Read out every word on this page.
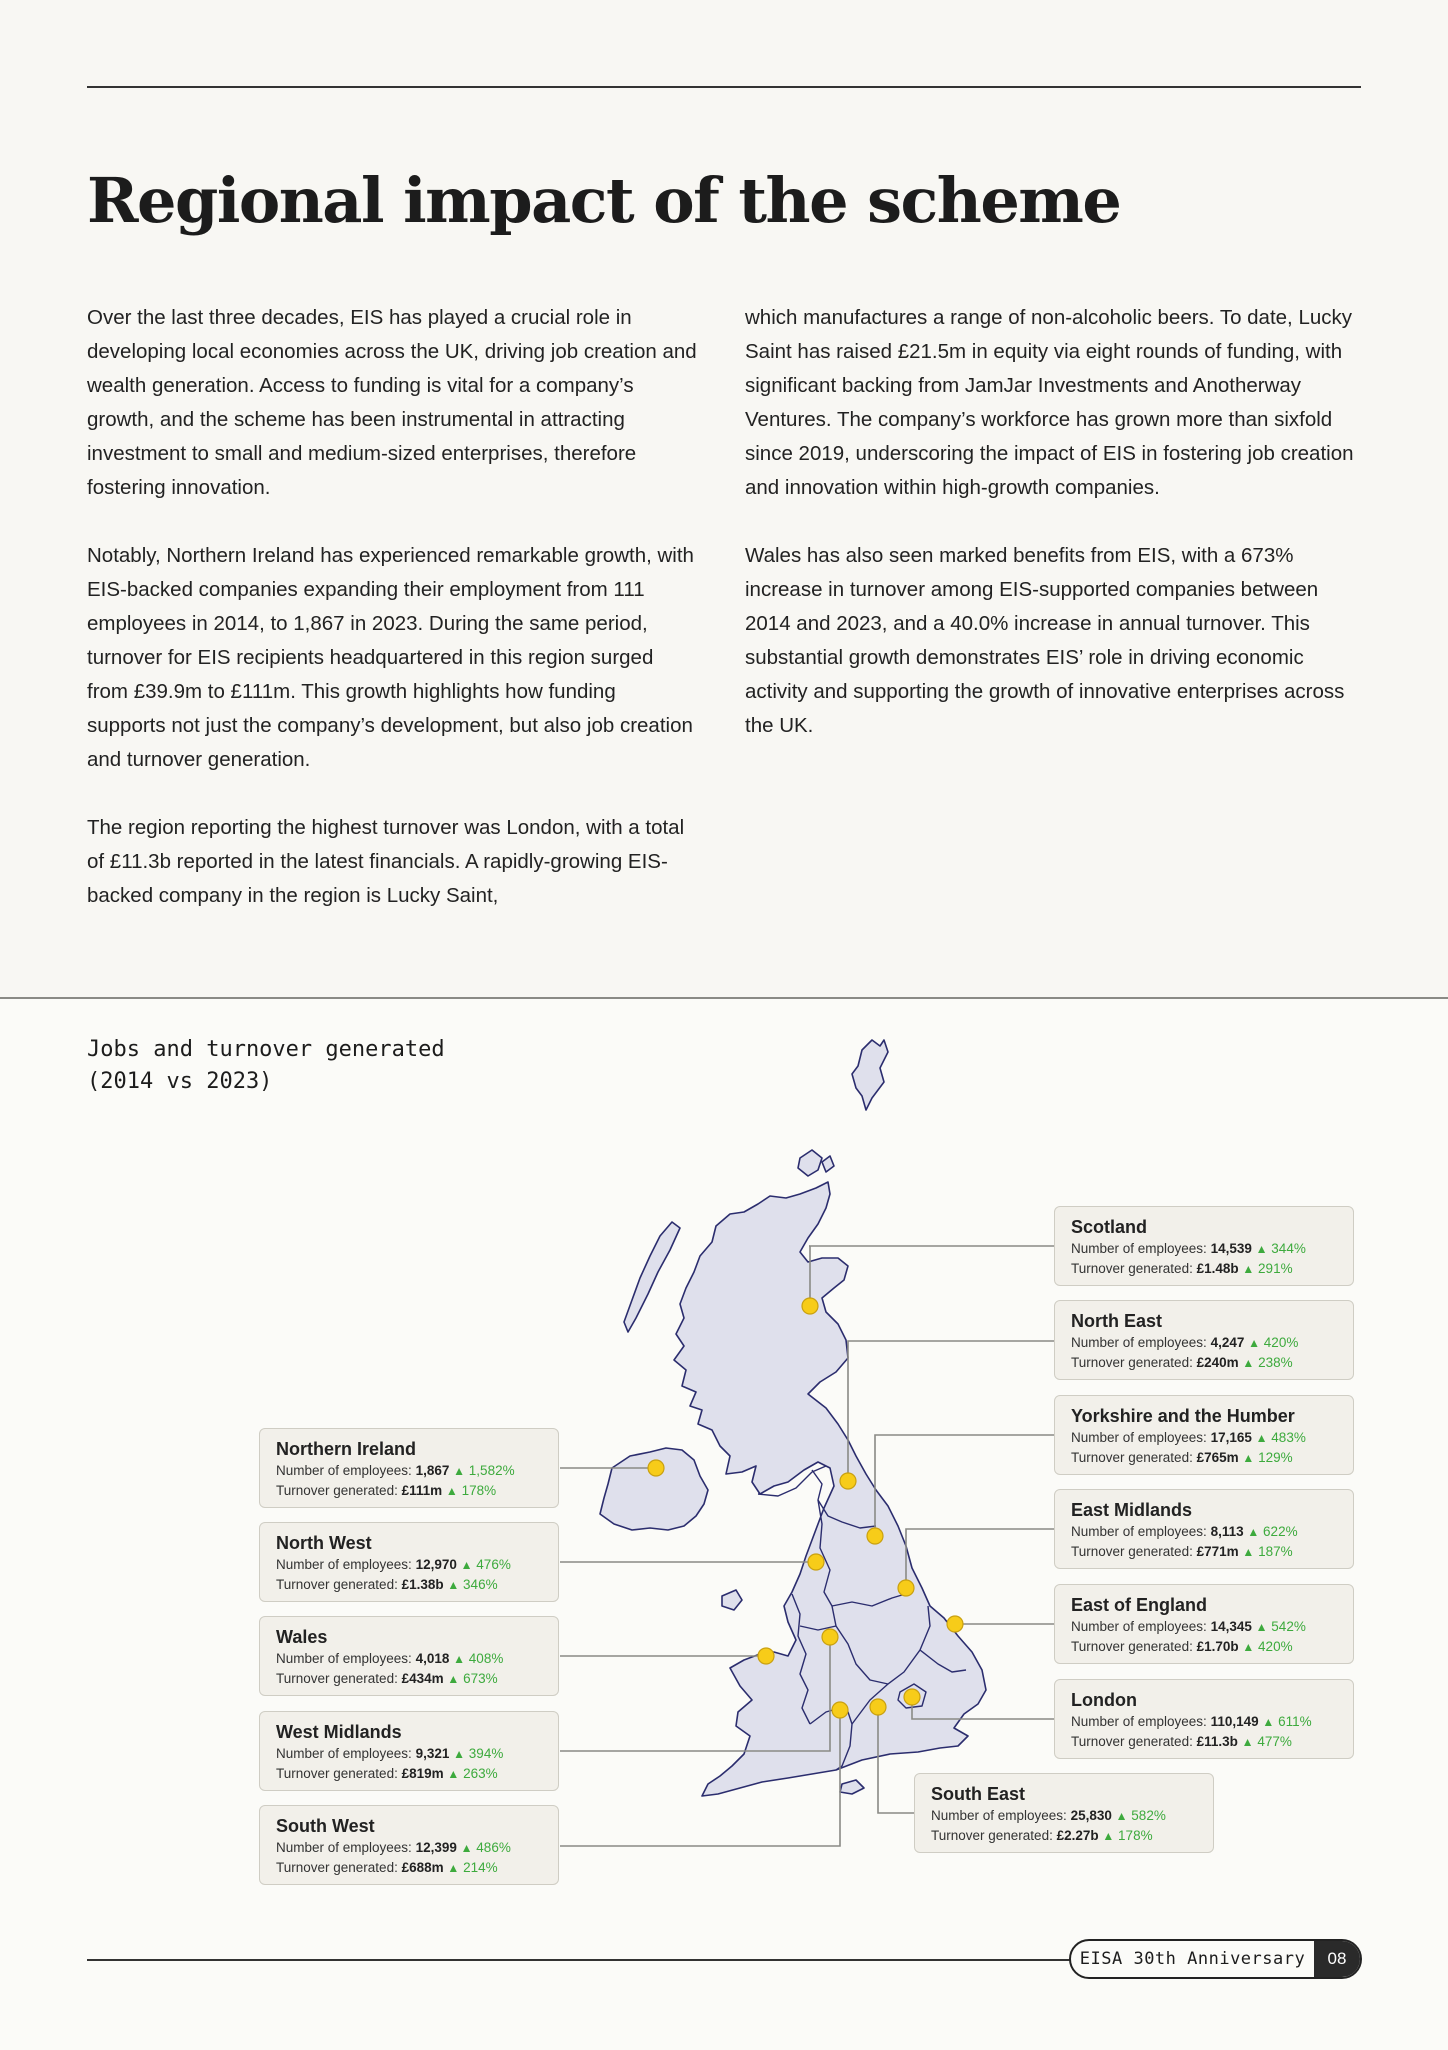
Regional impact of the scheme

Over the last three decades, EIS has played a crucial role in developing local economies across the UK, driving job creation and wealth generation. Access to funding is vital for a company’s growth, and the scheme has been instrumental in attracting investment to small and medium-sized enterprises, therefore fostering innovation.

Notably, Northern Ireland has experienced remarkable growth, with EIS-backed companies expanding their employment from 111 employees in 2014, to 1,867 in 2023. During the same period, turnover for EIS recipients headquartered in this region surged from £39.9m to £111m. This growth highlights how funding supports not just the company’s development, but also job creation and turnover generation.

The region reporting the highest turnover was London, with a total of £11.3b reported in the latest financials. A rapidly-growing EIS-backed company in the region is Lucky Saint,

which manufactures a range of non-alcoholic beers. To date, Lucky Saint has raised £21.5m in equity via eight rounds of funding, with significant backing from JamJar Investments and Anotherway Ventures. The company’s workforce has grown more than sixfold since 2019, underscoring the impact of EIS in fostering job creation and innovation within high-growth companies.

Wales has also seen marked benefits from EIS, with a 673% increase in turnover among EIS-supported companies between 2014 and 2023, and a 40.0% increase in annual turnover. This substantial growth demonstrates EIS’ role in driving economic activity and supporting the growth of innovative enterprises across the UK.

Jobs and turnover generated
(2014 vs 2023)
Scotland
Number of employees: 14,539 ▲ 344%
Turnover generated: £1.48b ▲ 291%
North East
Number of employees: 4,247 ▲ 420%
Turnover generated: £240m ▲ 238%
Yorkshire and the Humber
Number of employees: 17,165 ▲ 483%
Turnover generated: £765m ▲ 129%
East Midlands
Number of employees: 8,113 ▲ 622%
Turnover generated: £771m ▲ 187%
East of England
Number of employees: 14,345 ▲ 542%
Turnover generated: £1.70b ▲ 420%
London
Number of employees: 110,149 ▲ 611%
Turnover generated: £11.3b ▲ 477%
South East
Number of employees: 25,830 ▲ 582%
Turnover generated: £2.27b ▲ 178%
Northern Ireland
Number of employees: 1,867 ▲ 1,582%
Turnover generated: £111m ▲ 178%
North West
Number of employees: 12,970 ▲ 476%
Turnover generated: £1.38b ▲ 346%
Wales
Number of employees: 4,018 ▲ 408%
Turnover generated: £434m ▲ 673%
West Midlands
Number of employees: 9,321 ▲ 394%
Turnover generated: £819m ▲ 263%
South West
Number of employees: 12,399 ▲ 486%
Turnover generated: £688m ▲ 214%
EISA 30th Anniversary	08
